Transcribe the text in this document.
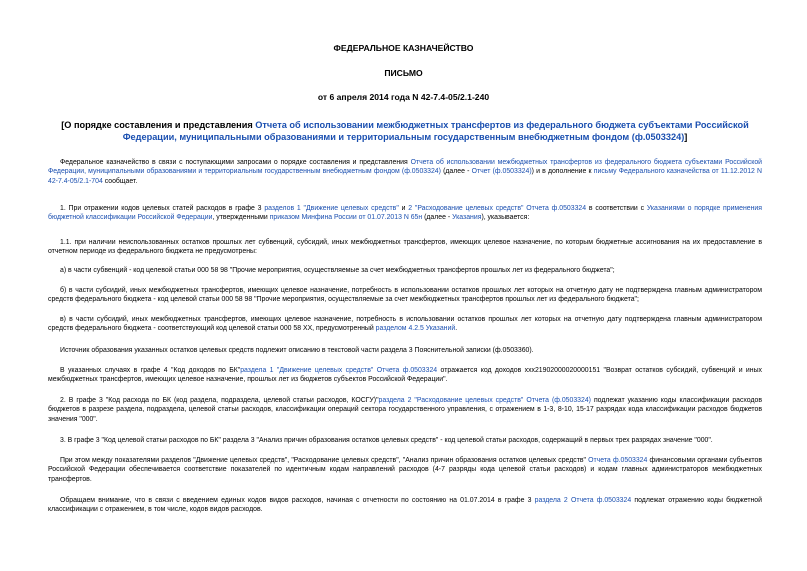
ФЕДЕРАЛЬНОЕ КАЗНАЧЕЙСТВО
ПИСЬМО
от 6 апреля 2014 года N 42-7.4-05/2.1-240
[О порядке составления и представления Отчета об использовании межбюджетных трансфертов из федерального бюджета субъектами Российской Федерации, муниципальными образованиями и территориальным государственным внебюджетным фондом (ф.0503324)]
Федеральное казначейство в связи с поступающими запросами о порядке составления и представления Отчета об использовании межбюджетных трансфертов из федерального бюджета субъектами Российской Федерации, муниципальными образованиями и территориальным государственным внебюджетным фондом (ф.0503324) (далее - Отчет (ф.0503324)) и в дополнение к письму Федерального казначейства от 11.12.2012 N 42-7.4-05/2.1-704 сообщает.
1. При отражении кодов целевых статей расходов в графе 3 разделов 1 "Движение целевых средств" и 2 "Расходование целевых средств" Отчета ф.0503324 в соответствии с Указаниями о порядке применения бюджетной классификации Российской Федерации, утвержденными приказом Минфина России от 01.07.2013 N 65н (далее - Указания), указывается:
1.1. при наличии неиспользованных остатков прошлых лет субвенций, субсидий, иных межбюджетных трансфертов, имеющих целевое назначение, по которым бюджетные ассигнования на их предоставление в отчетном периоде из федерального бюджета не предусмотрены:
а) в части субвенций - код целевой статьи 000 58 98 "Прочие мероприятия, осуществляемые за счет межбюджетных трансфертов прошлых лет из федерального бюджета";
б) в части субсидий, иных межбюджетных трансфертов, имеющих целевое назначение, потребность в использовании остатков прошлых лет которых на отчетную дату не подтверждена главным администратором средств федерального бюджета - код целевой статьи 000 58 98 "Прочие мероприятия, осуществляемые за счет межбюджетных трансфертов прошлых лет из федерального бюджета";
в) в части субсидий, иных межбюджетных трансфертов, имеющих целевое назначение, потребность в использовании остатков прошлых лет которых на отчетную дату подтверждена главным администратором средств федерального бюджета - соответствующий код целевой статьи 000 58 XX, предусмотренный разделом 4.2.5 Указаний.
Источник образования указанных остатков целевых средств подлежит описанию в текстовой части раздела 3 Пояснительной записки (ф.0503360).
В указанных случаях в графе 4 "Код доходов по БК"раздела 1 "Движение целевых средств" Отчета ф.0503324 отражается код доходов ххх21902000020000151 "Возврат остатков субсидий, субвенций и иных межбюджетных трансфертов, имеющих целевое назначение, прошлых лет из бюджетов субъектов Российской Федерации".
2. В графе 3 "Код расхода по БК (код раздела, подраздела, целевой статьи расходов, КОСГУ)"раздела 2 "Расходование целевых средств" Отчета (ф.0503324) подлежат указанию коды классификации расходов бюджетов в разрезе раздела, подраздела, целевой статьи расходов, классификации операций сектора государственного управления, с отражением в 1-3, 8-10, 15-17 разрядах кода классификации расходов бюджетов значения "000".
3. В графе 3 "Код целевой статьи расходов по БК" раздела 3 "Анализ причин образования остатков целевых средств" - код целевой статьи расходов, содержащий в первых трех разрядах значение "000".
При этом между показателями разделов "Движение целевых средств", "Расходование целевых средств", "Анализ причин образования остатков целевых средств" Отчета ф.0503324 финансовыми органами субъектов Российской Федерации обеспечивается соответствие показателей по идентичным кодам направлений расходов (4-7 разряды кода целевой статьи расходов) и кодам главных администраторов межбюджетных трансфертов.
Обращаем внимание, что в связи с введением единых кодов видов расходов, начиная с отчетности по состоянию на 01.07.2014 в графе 3 раздела 2 Отчета ф.0503324 подлежат отражению коды бюджетной классификации с отражением, в том числе, кодов видов расходов.
